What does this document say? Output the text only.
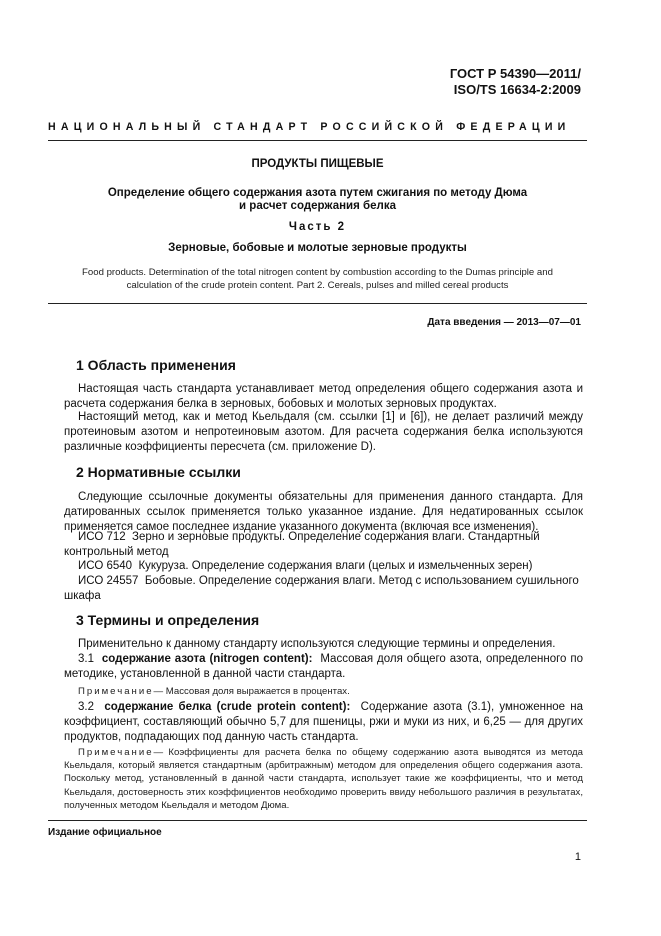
ГОСТ Р 54390—2011/
ISO/TS 16634-2:2009
НАЦИОНАЛЬНЫЙ СТАНДАРТ РОССИЙСКОЙ ФЕДЕРАЦИИ
ПРОДУКТЫ ПИЩЕВЫЕ
Определение общего содержания азота путем сжигания по методу Дюма
и расчет содержания белка
Часть 2
Зерновые, бобовые и молотые зерновые продукты
Food products. Determination of the total nitrogen content by combustion according to the Dumas principle and
calculation of the crude protein content. Part 2. Cereals, pulses and milled cereal products
Дата введения — 2013—07—01
1 Область применения
Настоящая часть стандарта устанавливает метод определения общего содержания азота и расчета содержания белка в зерновых, бобовых и молотых зерновых продуктах.
Настоящий метод, как и метод Кьельдаля (см. ссылки [1] и [6]), не делает различий между протеиновым азотом и непротеиновым азотом. Для расчета содержания белка используются различные коэффициенты пересчета (см. приложение D).
2 Нормативные ссылки
Следующие ссылочные документы обязательны для применения данного стандарта. Для датированных ссылок применяется только указанное издание. Для недатированных ссылок применяется самое последнее издание указанного документа (включая все изменения).
ИСО 712 Зерно и зерновые продукты. Определение содержания влаги. Стандартный контрольный метод
ИСО 6540 Кукуруза. Определение содержания влаги (целых и измельченных зерен)
ИСО 24557 Бобовые. Определение содержания влаги. Метод с использованием сушильного шкафа
3 Термины и определения
Применительно к данному стандарту используются следующие термины и определения.
3.1 содержание азота (nitrogen content): Массовая доля общего азота, определенного по методике, установленной в данной части стандарта.
Примечание— Массовая доля выражается в процентах.
3.2 содержание белка (crude protein content): Содержание азота (3.1), умноженное на коэффициент, составляющий обычно 5,7 для пшеницы, ржи и муки из них, и 6,25 — для других продуктов, подпадающих под данную часть стандарта.
Примечание— Коэффициенты для расчета белка по общему содержанию азота выводятся из метода Кьельдаля, который является стандартным (арбитражным) методом для определения общего содержания азота. Поскольку метод, установленный в данной части стандарта, использует такие же коэффициенты, что и метод Кьельдаля, достоверность этих коэффициентов необходимо проверить ввиду небольшого различия в результатах, полученных методом Кьельдаля и методом Дюма.
Издание официальное
1
